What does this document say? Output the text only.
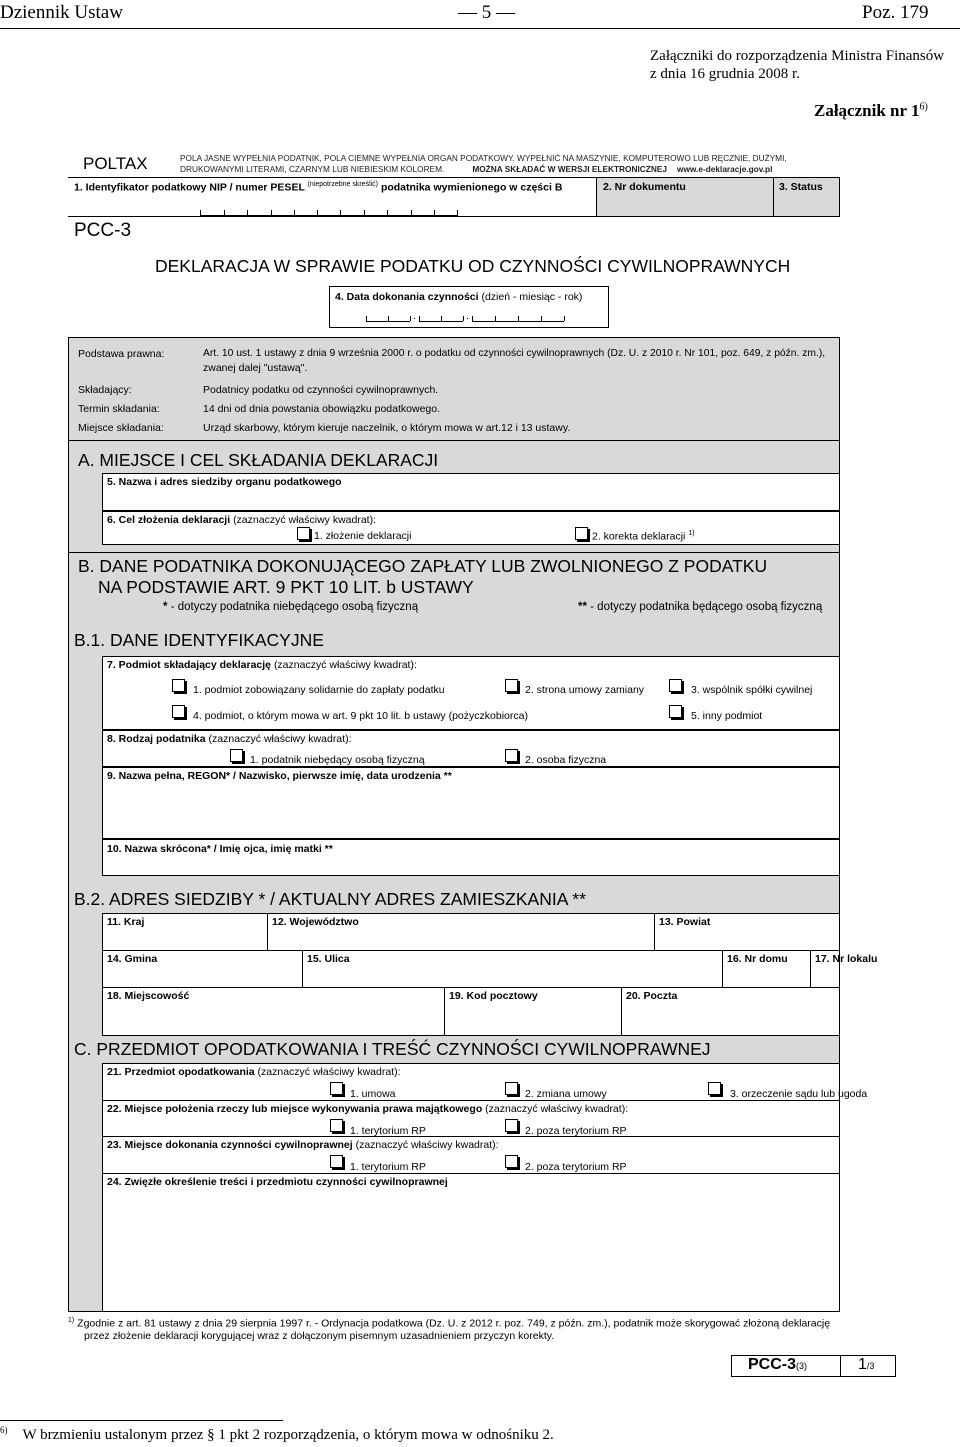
Dziennik Ustaw	— 5 —	Poz. 179
Załączniki do rozporządzenia Ministra Finansów
z dnia 16 grudnia 2008 r.
Załącznik nr 1$^{6)}$
POLTAX	POLA JASNE WYPEŁNIA PODATNIK, POLA CIEMNE WYPEŁNIA ORGAN PODATKOWY. WYPEŁNIĆ NA MASZYNIE, KOMPUTEROWO LUB RĘCZNIE, DUŻYMI,
DRUKOWANYMI LITERAMI, CZARNYM LUB NIEBIESKIM KOLOREM.	MOŻNA SKŁADAĆ W WERSJI ELEKTRONICZNEJ www.e-deklaracje.gov.pl
1. Identyfikator podatkowy NIP / numer PESEL $^{(niepotrzebne skreślić)}$ podatnika wymienionego w części B	2. Nr dokumentu	3. Status
PCC-3
DEKLARACJA W SPRAWIE PODATKU OD CZYNNOŚCI CYWILNOPRAWNYCH
4. Data dokonania czynności (dzień - miesiąc - rok)
.	.
Podstawa prawna:	Art. 10 ust. 1 ustawy z dnia 9 września 2000 r. o podatku od czynności cywilnoprawnych (Dz. U. z 2010 r. Nr 101, poz. 649, z późn. zm.),
zwanej dalej "ustawą".
Składający:	Podatnicy podatku od czynności cywilnoprawnych.
Termin składania:	14 dni od dnia powstania obowiązku podatkowego.
Miejsce składania:	Urząd skarbowy, którym kieruje naczelnik, o którym mowa w art.12 i 13 ustawy.
A. MIEJSCE I CEL SKŁADANIA DEKLARACJI
5. Nazwa i adres siedziby organu podatkowego
6. Cel złożenia deklaracji (zaznaczyć właściwy kwadrat):
1. złożenie deklaracji	2. korekta deklaracji $^{1)}$
B. DANE PODATNIKA DOKONUJĄCEGO ZAPŁATY LUB ZWOLNIONEGO Z PODATKU
NA PODSTAWIE ART. 9 PKT 10 LIT. b USTAWY
* - dotyczy podatnika niebędącego osobą fizyczną	** - dotyczy podatnika będącego osobą fizyczną
B.1. DANE IDENTYFIKACYJNE
7. Podmiot składający deklarację (zaznaczyć właściwy kwadrat):
1. podmiot zobowiązany solidarnie do zapłaty podatku	2. strona umowy zamiany	3. wspólnik spółki cywilnej
4. podmiot, o którym mowa w art. 9 pkt 10 lit. b ustawy (pożyczkobiorca)	5. inny podmiot
8. Rodzaj podatnika (zaznaczyć właściwy kwadrat):
1. podatnik niebędący osobą fizyczną	2. osoba fizyczna
9. Nazwa pełna, REGON* / Nazwisko, pierwsze imię, data urodzenia **
10. Nazwa skrócona* / Imię ojca, imię matki **
B.2. ADRES SIEDZIBY * / AKTUALNY ADRES ZAMIESZKANIA **
11. Kraj	12. Województwo	13. Powiat
14. Gmina	15. Ulica	16. Nr domu	17. Nr lokalu
18. Miejscowość	19. Kod pocztowy	20. Poczta
C. PRZEDMIOT OPODATKOWANIA I TREŚĆ CZYNNOŚCI CYWILNOPRAWNEJ
21. Przedmiot opodatkowania (zaznaczyć właściwy kwadrat):
1. umowa	2. zmiana umowy	3. orzeczenie sądu lub ugoda
22. Miejsce położenia rzeczy lub miejsce wykonywania prawa majątkowego (zaznaczyć właściwy kwadrat):
1. terytorium RP	2. poza terytorium RP
23. Miejsce dokonania czynności cywilnoprawnej (zaznaczyć właściwy kwadrat):
1. terytorium RP	2. poza terytorium RP
24. Zwięzłe określenie treści i przedmiotu czynności cywilnoprawnej
$^{1)}$ Zgodnie z art. 81 ustawy z dnia 29 sierpnia 1997 r. - Ordynacja podatkowa (Dz. U. z 2012 r. poz. 749, z późn. zm.), podatnik może skorygować złożoną deklarację
przez złożenie deklaracji korygującej wraz z dołączonym pisemnym uzasadnieniem przyczyn korekty.
PCC-3(3)	1/3
$^{6)}$ W brzmieniu ustalonym przez § 1 pkt 2 rozporządzenia, o którym mowa w odnośniku 2.
